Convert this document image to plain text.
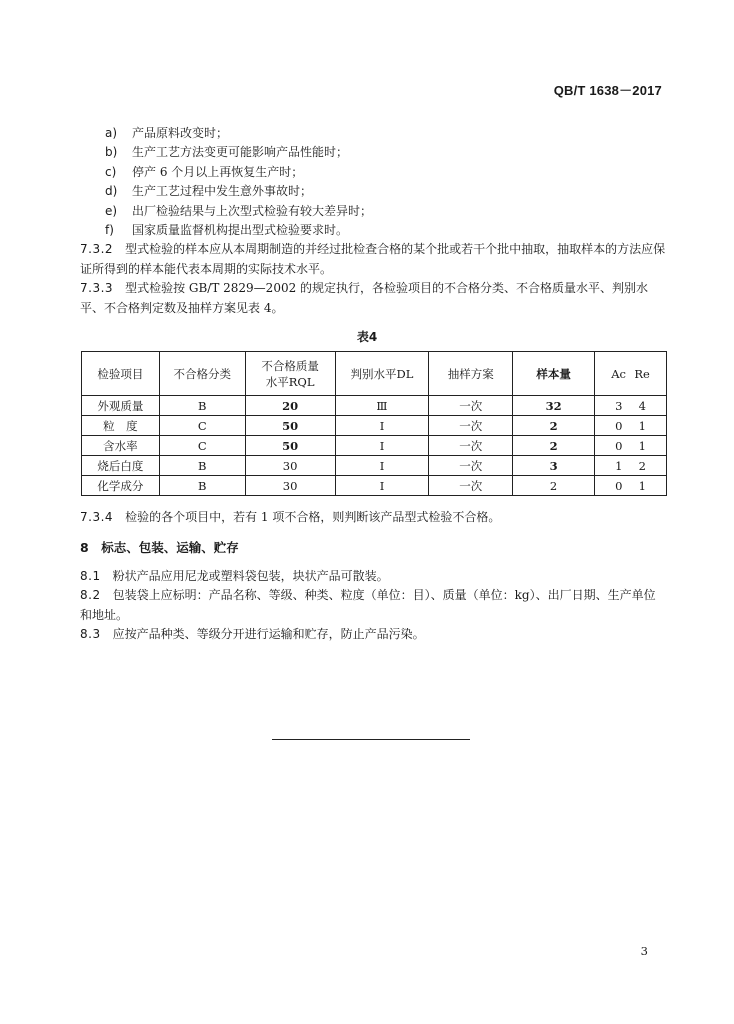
QB/T 1638－2017
a)	产品原料改变时；
b)	生产工艺方法变更可能影响产品性能时；
c)	停产 6 个月以上再恢复生产时；
d)	生产工艺过程中发生意外事故时；
e)	出厂检验结果与上次型式检验有较大差异时；
f)	国家质量监督机构提出型式检验要求时。
7.3.2　 型式检验的样本应从本周期制造的并经过批检查合格的某个批或若干个批中抽取，抽取样本的方法应保证所得到的样本能代表本周期的实际技术水平。
7.3.3　 型式检验按 GB/T 2829—2002 的规定执行，各检验项目的不合格分类、不合格质量水平、判别水平、不合格判定数及抽样方案见表 4。
表4
检验项目	不合格分类	不合格质量水平RQL	判别水平DL	抽样方案	样本量	Ac Re

外观质量	B	20	Ⅲ	一次	32	3 4

粒　度	C	50	Ⅰ	一次	2	0 1

含水率	C	50	Ⅰ	一次	2	0 1

烧后白度	B	30	Ⅰ	一次	3	1 2

化学成分	B	30	Ⅰ	一次	2	0 1
7.3.4　 检验的各个项目中，若有 1 项不合格，则判断该产品型式检验不合格。
8　标志、包装、运输、贮存
8.1　 粉状产品应用尼龙或塑料袋包装，块状产品可散装。
8.2　 包装袋上应标明：产品名称、等级、种类、粒度（单位：目）、质量（单位：kg）、出厂日期、生产单位和地址。
8.3　 应按产品种类、等级分开进行运输和贮存，防止产品污染。
3
